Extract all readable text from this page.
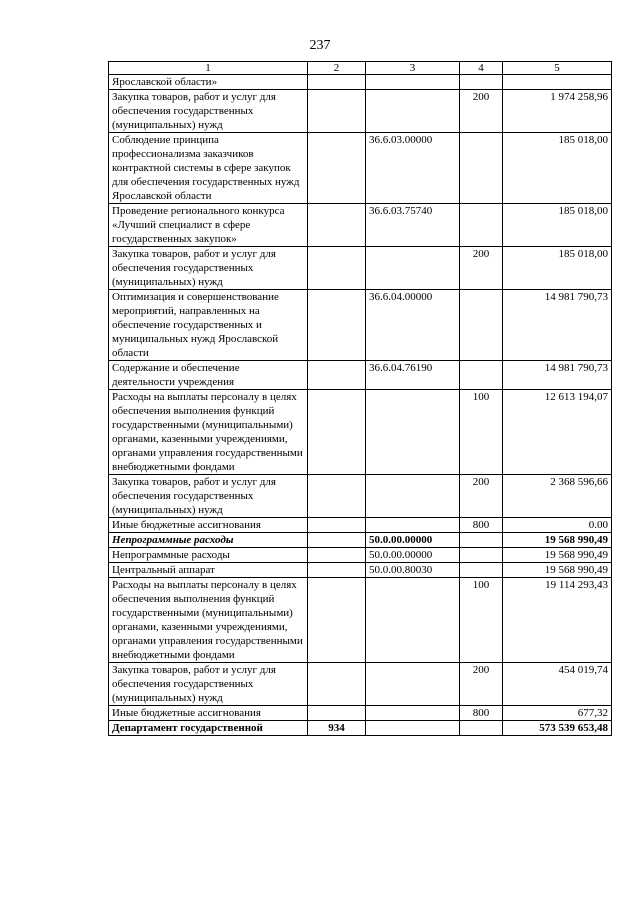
237
1	2	3	4	5
Ярославской области»				
Закупка товаров, работ и услуг для обеспечения государственных (муниципальных) нужд			200	1 974 258,96
Соблюдение принципа профессионализма заказчиков контрактной системы в сфере закупок для обеспечения государственных нужд Ярославской области		36.6.03.00000		185 018,00
Проведение регионального конкурса «Лучший специалист в сфере государственных закупок»		36.6.03.75740		185 018,00
Закупка товаров, работ и услуг для обеспечения государственных (муниципальных) нужд			200	185 018,00
Оптимизация и совершенствование мероприятий, направленных на обеспечение государственных и муниципальных нужд Ярославской области		36.6.04.00000		14 981 790,73
Содержание и обеспечение деятельности учреждения		36.6.04.76190		14 981 790,73
Расходы на выплаты персоналу в целях обеспечения выполнения функций государственными (муниципальными) органами, казенными учреждениями, органами управления государственными внебюджетными фондами			100	12 613 194,07
Закупка товаров, работ и услуг для обеспечения государственных (муниципальных) нужд			200	2 368 596,66
Иные бюджетные ассигнования			800	0.00
Непрограммные расходы		50.0.00.00000		19 568 990,49
Непрограммные расходы		50.0.00.00000		19 568 990,49
Центральный аппарат		50.0.00.80030		19 568 990,49
Расходы на выплаты персоналу в целях обеспечения выполнения функций государственными (муниципальными) органами, казенными учреждениями, органами управления государственными внебюджетными фондами			100	19 114 293,43
Закупка товаров, работ и услуг для обеспечения государственных (муниципальных) нужд			200	454 019,74
Иные бюджетные ассигнования			800	677,32
Департамент государственной	934			573 539 653,48
